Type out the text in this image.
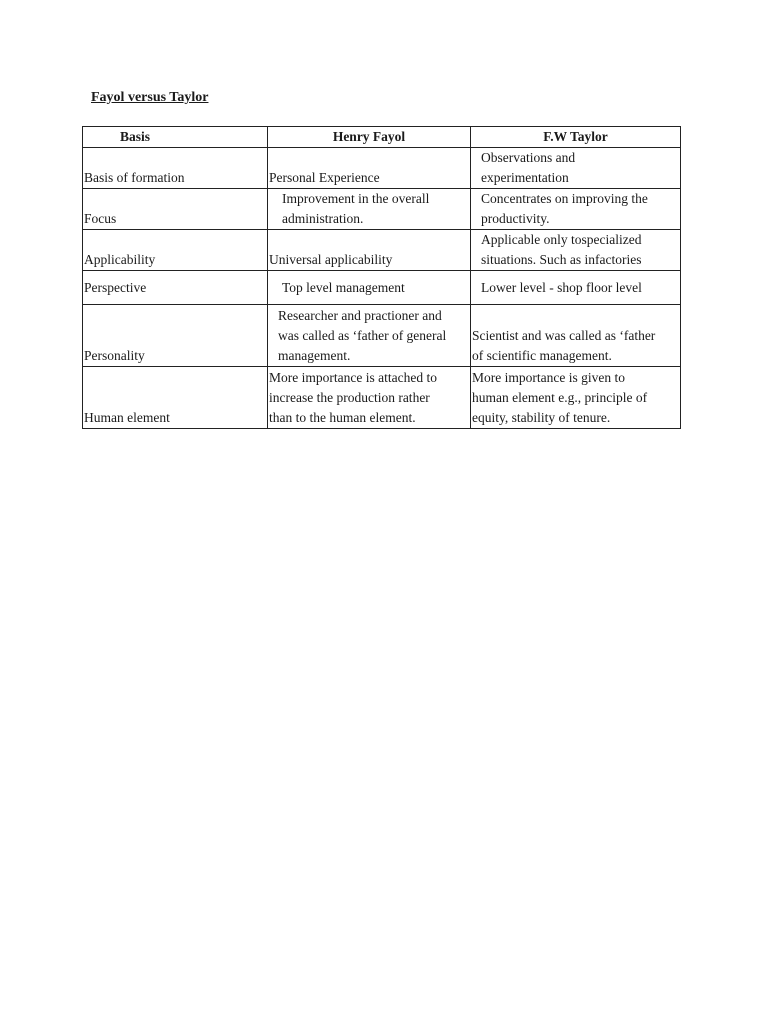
Fayol versus Taylor
Basis	Henry Fayol	F.W Taylor

Basis of formation	Personal Experience	Observations and
experimentation

Focus	Improvement in the overall
administration.	Concentrates on improving the
productivity.

Applicability	Universal applicability	Applicable only tospecialized
situations. Such as infactories

Perspective	Top level management	Lower level - shop floor level

Personality	Researcher and practioner and
was called as ‘father of general
management.	Scientist and was called as ‘father
of scientific management.

Human element	More importance is attached to
increase the production rather
than to the human element.	More importance is given to
human element e.g., principle of
equity, stability of tenure.
